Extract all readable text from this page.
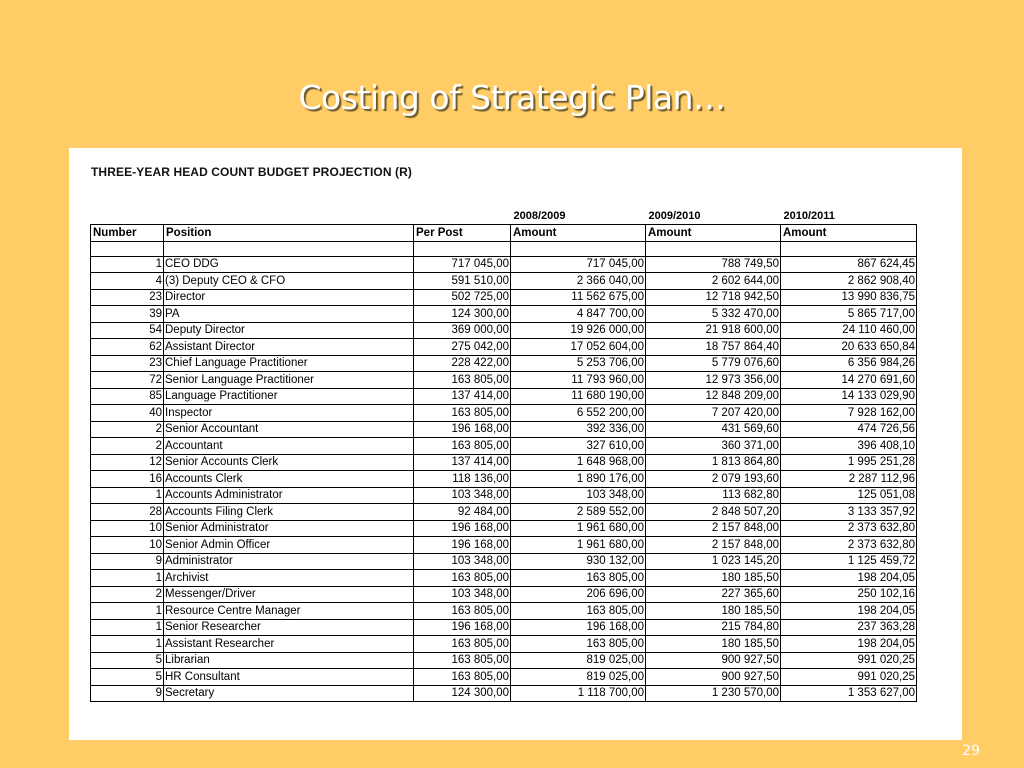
Costing of Strategic Plan…
THREE-YEAR HEAD COUNT BUDGET PROJECTION (R)
			2008/2009	2009/2010	2010/2011
Number	Position	Per Post	Amount	Amount	Amount

1	CEO DDG	717 045,00	717 045,00	788 749,50	867 624,45
4	(3) Deputy CEO & CFO	591 510,00	2 366 040,00	2 602 644,00	2 862 908,40
23	Director	502 725,00	11 562 675,00	12 718 942,50	13 990 836,75
39	PA	124 300,00	4 847 700,00	5 332 470,00	5 865 717,00
54	Deputy Director	369 000,00	19 926 000,00	21 918 600,00	24 110 460,00
62	Assistant Director	275 042,00	17 052 604,00	18 757 864,40	20 633 650,84
23	Chief Language Practitioner	228 422,00	5 253 706,00	5 779 076,60	6 356 984,26
72	Senior Language Practitioner	163 805,00	11 793 960,00	12 973 356,00	14 270 691,60
85	Language Practitioner	137 414,00	11 680 190,00	12 848 209,00	14 133 029,90
40	Inspector	163 805,00	6 552 200,00	7 207 420,00	7 928 162,00
2	Senior Accountant	196 168,00	392 336,00	431 569,60	474 726,56
2	Accountant	163 805,00	327 610,00	360 371,00	396 408,10
12	Senior Accounts Clerk	137 414,00	1 648 968,00	1 813 864,80	1 995 251,28
16	Accounts Clerk	118 136,00	1 890 176,00	2 079 193,60	2 287 112,96
1	Accounts Administrator	103 348,00	103 348,00	113 682,80	125 051,08
28	Accounts Filing Clerk	92 484,00	2 589 552,00	2 848 507,20	3 133 357,92
10	Senior Administrator	196 168,00	1 961 680,00	2 157 848,00	2 373 632,80
10	Senior Admin Officer	196 168,00	1 961 680,00	2 157 848,00	2 373 632,80
9	Administrator	103 348,00	930 132,00	1 023 145,20	1 125 459,72
1	Archivist	163 805,00	163 805,00	180 185,50	198 204,05
2	Messenger/Driver	103 348,00	206 696,00	227 365,60	250 102,16
1	Resource Centre Manager	163 805,00	163 805,00	180 185,50	198 204,05
1	Senior Researcher	196 168,00	196 168,00	215 784,80	237 363,28
1	Assistant Researcher	163 805,00	163 805,00	180 185,50	198 204,05
5	Librarian	163 805,00	819 025,00	900 927,50	991 020,25
5	HR Consultant	163 805,00	819 025,00	900 927,50	991 020,25
9	Secretary	124 300,00	1 118 700,00	1 230 570,00	1 353 627,00
29
